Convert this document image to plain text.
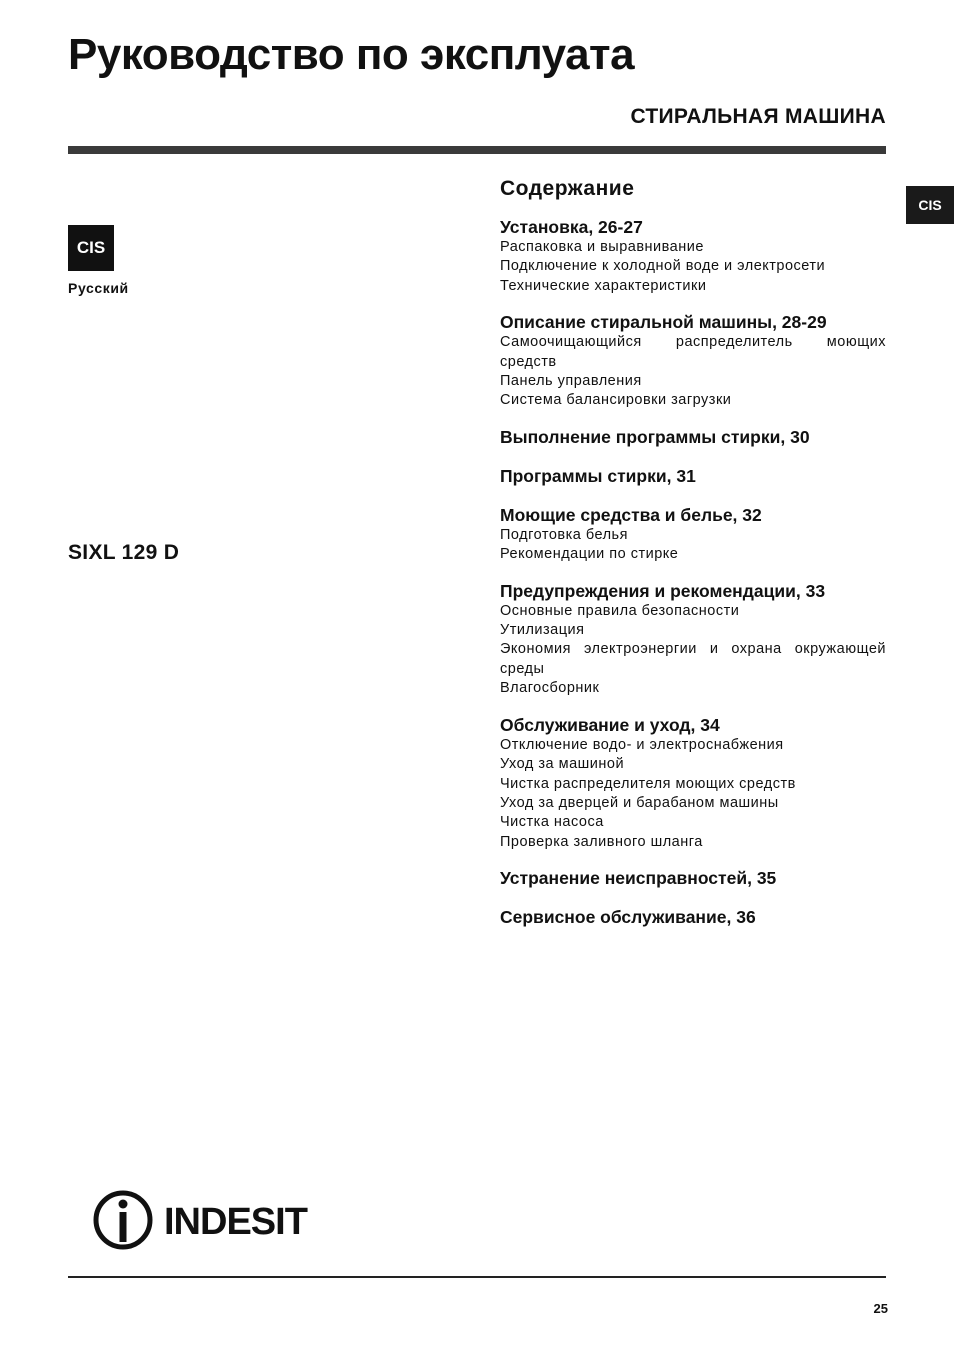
Руководство по эксплуата
СТИРАЛЬНАЯ МАШИНА
CIS
CIS
Русский
SIXL 129 D
Содержание
Установка, 26-27
Распаковка и выравнивание
Подключение к холодной воде и электросети
Технические характеристики
Описание стиральной машины, 28-29
Самоочищающийся распределитель моющих средств
Панель управления
Система балансировки загрузки
Выполнение программы стирки, 30
Программы стирки, 31
Моющие средства и белье, 32
Подготовка белья
Рекомендации по стирке
Предупреждения и рекомендации, 33
Основные правила безопасности
Утилизация
Экономия электроэнергии и охрана окружающей среды
Влагосборник
Обслуживание и уход, 34
Отключение водо- и электроснабжения
Уход за машиной
Чистка распределителя моющих средств
Уход за дверцей и барабаном машины
Чистка насоса
Проверка заливного шланга
Устранение неисправностей, 35
Сервисное обслуживание, 36
INDESIT
25
